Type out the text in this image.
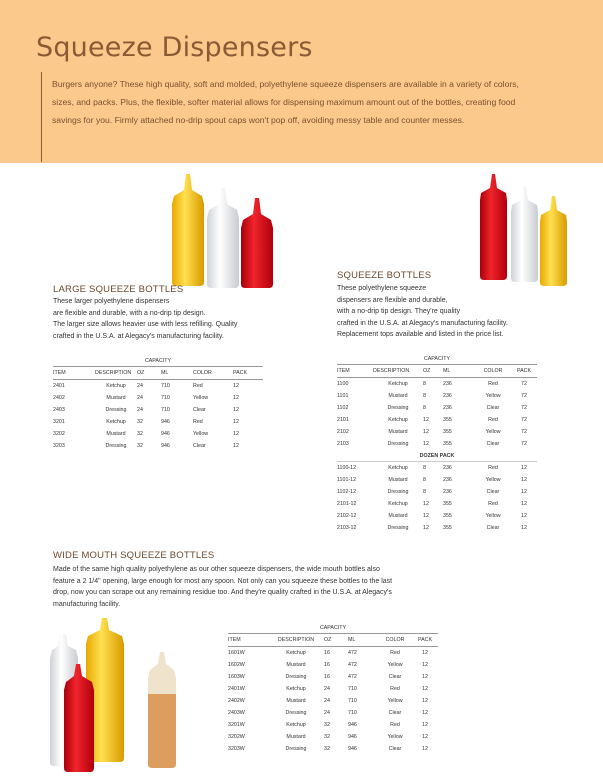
Squeeze Dispensers

Burgers anyone? These high quality, soft and molded, polyethylene squeeze dispensers are available in a variety of colors, sizes, and packs. Plus, the flexible, softer material allows for dispensing maximum amount out of the bottles, creating food savings for you. Firmly attached no-drip spout caps won't pop off, avoiding messy table and counter messes.

LARGE SQUEEZE BOTTLES

These larger polyethylene dispensers
are flexible and durable, with a no-drip tip design.
The larger size allows heavier use with less refilling. Quality
crafted in the U.S.A. at Alegacy's manufacturing facility.

CAPACITY					
ITEM	DESCRIPTION	OZ	ML	COLOR	PACK
2401	Ketchup	24	710	Red	12
2402	Mustard	24	710	Yellow	12
2403	Dressing	24	710	Clear	12
3201	Ketchup	32	946	Red	12
3202	Mustard	32	946	Yellow	12
3203	Dressing	32	946	Clear	12
SQUEEZE BOTTLES

These polyethylene squeeze
dispensers are flexible and durable,
with a no-drip tip design. They're quality
crafted in the U.S.A. at Alegacy's manufacturing facility.
Replacement tops available and listed in the price list.

CAPACITY					
ITEM	DESCRIPTION	OZ	ML	COLOR	PACK
1100	Ketchup	8	236	Red	72
1101	Mustard	8	236	Yellow	72
1102	Dressing	8	236	Clear	72
2101	Ketchup	12	355	Red	72
2102	Mustard	12	355	Yellow	72
2103	Dressing	12	355	Clear	72
DOZEN PACK					
1100-12	Ketchup	8	236	Red	12
1101-12	Mustard	8	236	Yellow	12
1102-12	Dressing	8	236	Clear	12
2101-12	Ketchup	12	355	Red	12
2102-12	Mustard	12	355	Yellow	12
2103-12	Dressing	12	355	Clear	12
WIDE MOUTH SQUEEZE BOTTLES

Made of the same high quality polyethylene as our other squeeze dispensers, the wide mouth bottles also
feature a 2 1/4" opening, large enough for most any spoon. Not only can you squeeze these bottles to the last
drop, now you can scrape out any remaining residue too. And they're quality crafted in the U.S.A. at Alegacy's
manufacturing facility.

CAPACITY					
ITEM	DESCRIPTION	OZ	ML	COLOR	PACK
1601W	Ketchup	16	472	Red	12
1602W	Mustard	16	472	Yellow	12
1603W	Dressing	16	472	Clear	12
2401W	Ketchup	24	710	Red	12
2402W	Mustard	24	710	Yellow	12
2403W	Dressing	24	710	Clear	12
3201W	Ketchup	32	946	Red	12
3202W	Mustard	32	946	Yellow	12
3203W	Dressing	32	946	Clear	12
